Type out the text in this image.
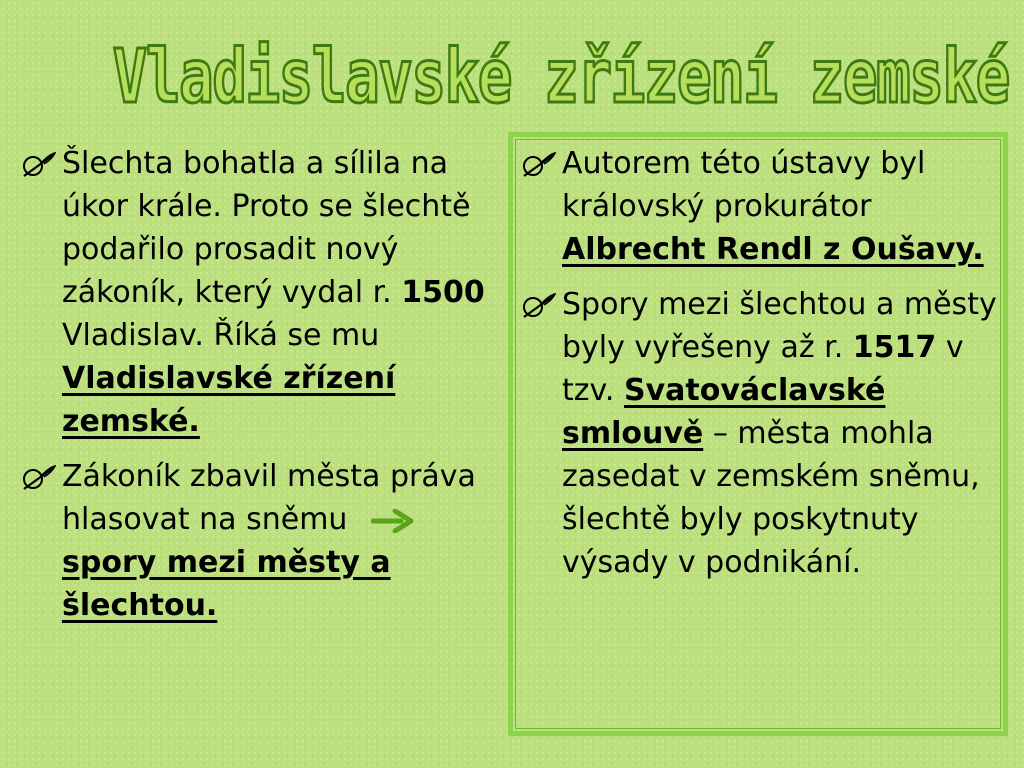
Vladislavské zřízení zemské

Šlechta bohatla a sílila na úkor krále. Proto se šlechtě podařilo prosadit nový zákoník, který vydal r. 1500 Vladislav. Říká se mu Vladislavské zřízení zemské.

Zákoník zbavil města práva hlasovat na sněmuspory mezi městy a šlechtou.

Autorem této ústavy byl královský prokurátor Albrecht Rendl z Oušavy.

Spory mezi šlechtou a městy byly vyřešeny až r. 1517 v tzv. Svatováclavské smlouvě – města mohla zasedat v zemském sněmu, šlechtě byly poskytnuty výsady v podnikání.
